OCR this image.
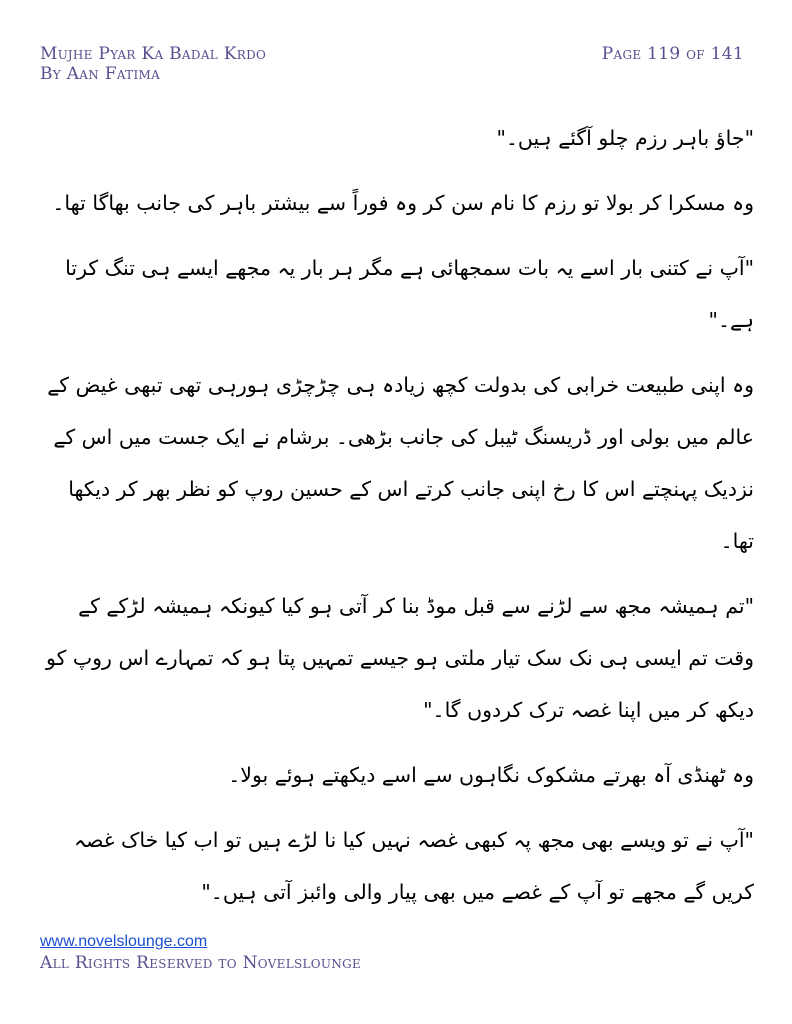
Mujhe Pyar Ka Badal Krdo
By Aan Fatima
Page 119 of 141

"جاؤ باہر رزم چلو آگئے ہیں۔"

وہ مسکرا کر بولا تو رزم کا نام سن کر وہ فوراً سے بیشتر باہر کی جانب بھاگا تھا۔

"آپ نے کتنی بار اسے یہ بات سمجھائی ہے مگر ہر بار یہ مجھے ایسے ہی تنگ کرتا ہے۔"

وہ اپنی طبیعت خرابی کی بدولت کچھ زیادہ ہی چڑچڑی ہورہی تھی تبھی غیض کے عالم میں بولی اور ڈریسنگ ٹیبل کی جانب بڑھی۔ برشام نے ایک جست میں اس کے نزدیک پہنچتے اس کا رخ اپنی جانب کرتے اس کے حسین روپ کو نظر بھر کر دیکھا تھا۔

"تم ہمیشہ مجھ سے لڑنے سے قبل موڈ بنا کر آتی ہو کیا کیونکہ ہمیشہ لڑکے کے وقت تم ایسی ہی نک سک تیار ملتی ہو جیسے تمہیں پتا ہو کہ تمہارے اس روپ کو دیکھ کر میں اپنا غصہ ترک کردوں گا۔"

وہ ٹھنڈی آہ بھرتے مشکوک نگاہوں سے اسے دیکھتے ہوئے بولا۔

"آپ نے تو ویسے بھی مجھ پہ کبھی غصہ نہیں کیا نا لڑے ہیں تو اب کیا خاک غصہ کریں گے مجھے تو آپ کے غصے میں بھی پیار والی وائبز آتی ہیں۔"

www.novelslounge.com
All Rights Reserved to Novelslounge
